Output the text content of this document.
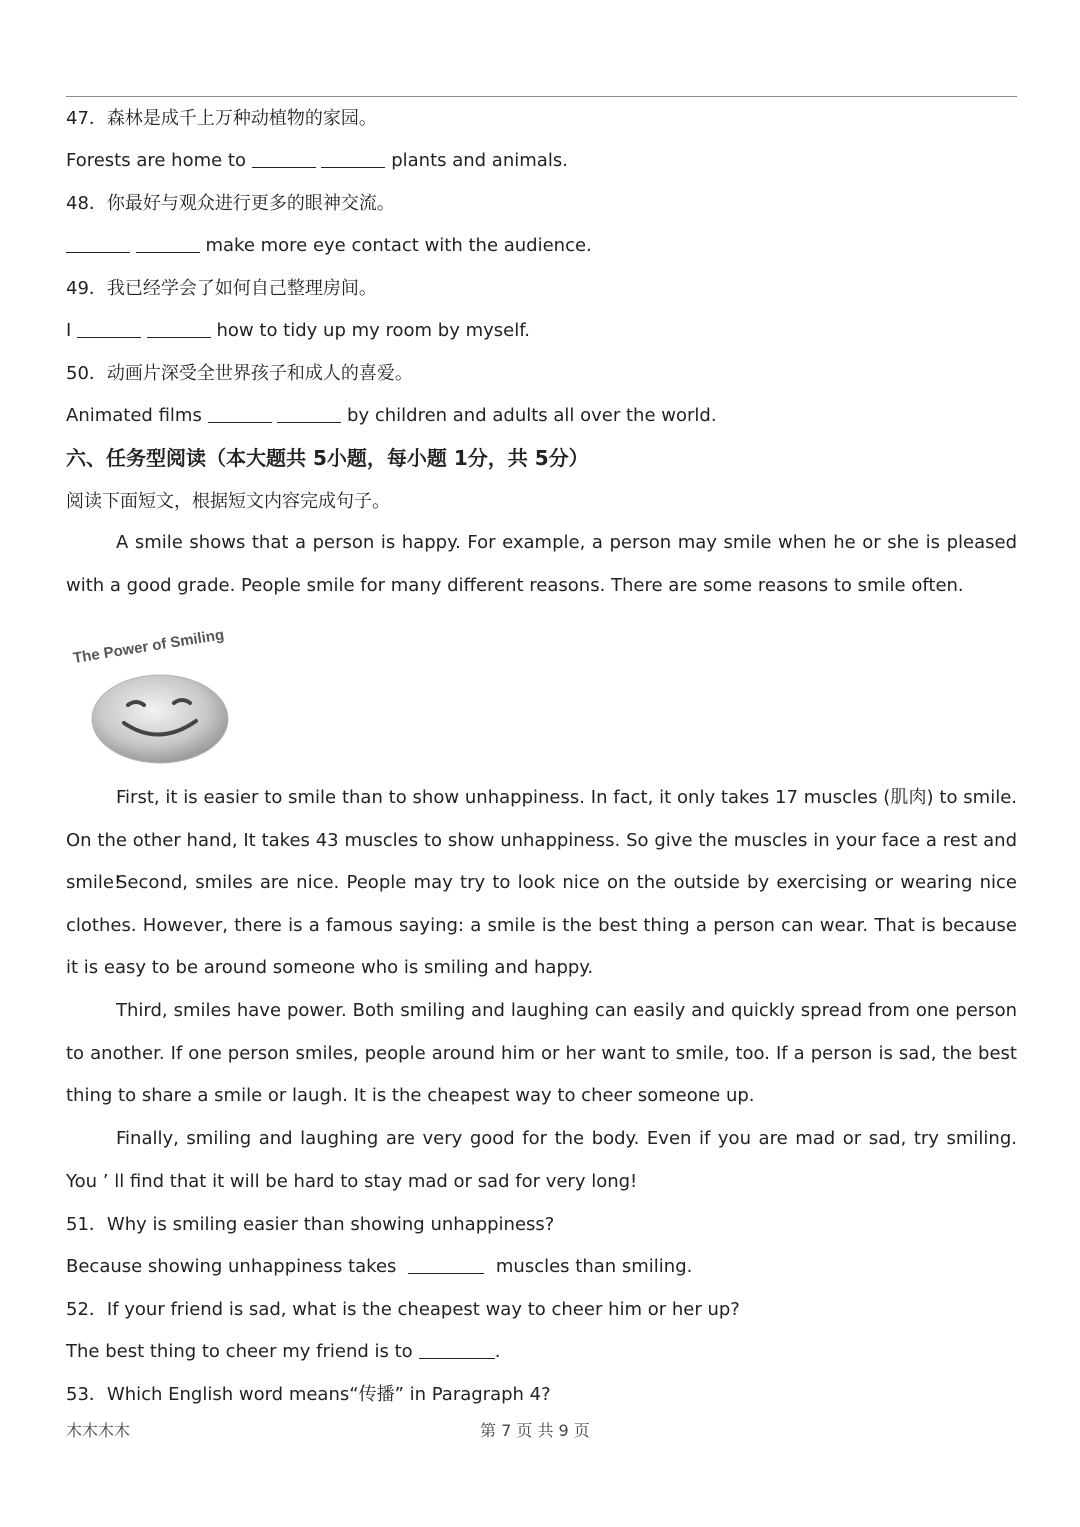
47．森林是成千上万种动植物的家园。
Forests are home to	plants and animals.
48．你最好与观众进行更多的眼神交流。
make more eye contact with the audience.
49．我已经学会了如何自己整理房间。
I	how to tidy up my room by myself.
50．动画片深受全世界孩子和成人的喜爱。
Animated films	by children and adults all over the world.
六、任务型阅读（本大题共 5小题，每小题 1分，共 5分）
阅读下面短文，根据短文内容完成句子。
A smile shows that a person is happy. For example, a person may smile when he or she is pleased with a good grade. People smile for many different reasons. There are some reasons to smile often.
The Power of Smiling
First, it is easier to smile than to show unhappiness. In fact, it only takes 17 muscles (肌肉) to smile. On the other hand, It takes 43 muscles to show unhappiness. So give the muscles in your face a rest and smile!
Second, smiles are nice. People may try to look nice on the outside by exercising or wearing nice clothes. However, there is a famous saying: a smile is the best thing a person can wear. That is because it is easy to be around someone who is smiling and happy.
Third, smiles have power. Both smiling and laughing can easily and quickly spread from one person to another. If one person smiles, people around him or her want to smile, too. If a person is sad, the best thing to share a smile or laugh. It is the cheapest way to cheer someone up.
Finally, smiling and laughing are very good for the body. Even if you are mad or sad, try smiling. You ’ ll find that it will be hard to stay mad or sad for very long!
51．Why is smiling easier than showing unhappiness?
Because showing unhappiness takes	muscles than smiling.
52．If your friend is sad, what is the cheapest way to cheer him or her up?
The best thing to cheer my friend is to	.
53．Which English word means“传播” in Paragraph 4?
木木木木	第 7 页 共 9 页
